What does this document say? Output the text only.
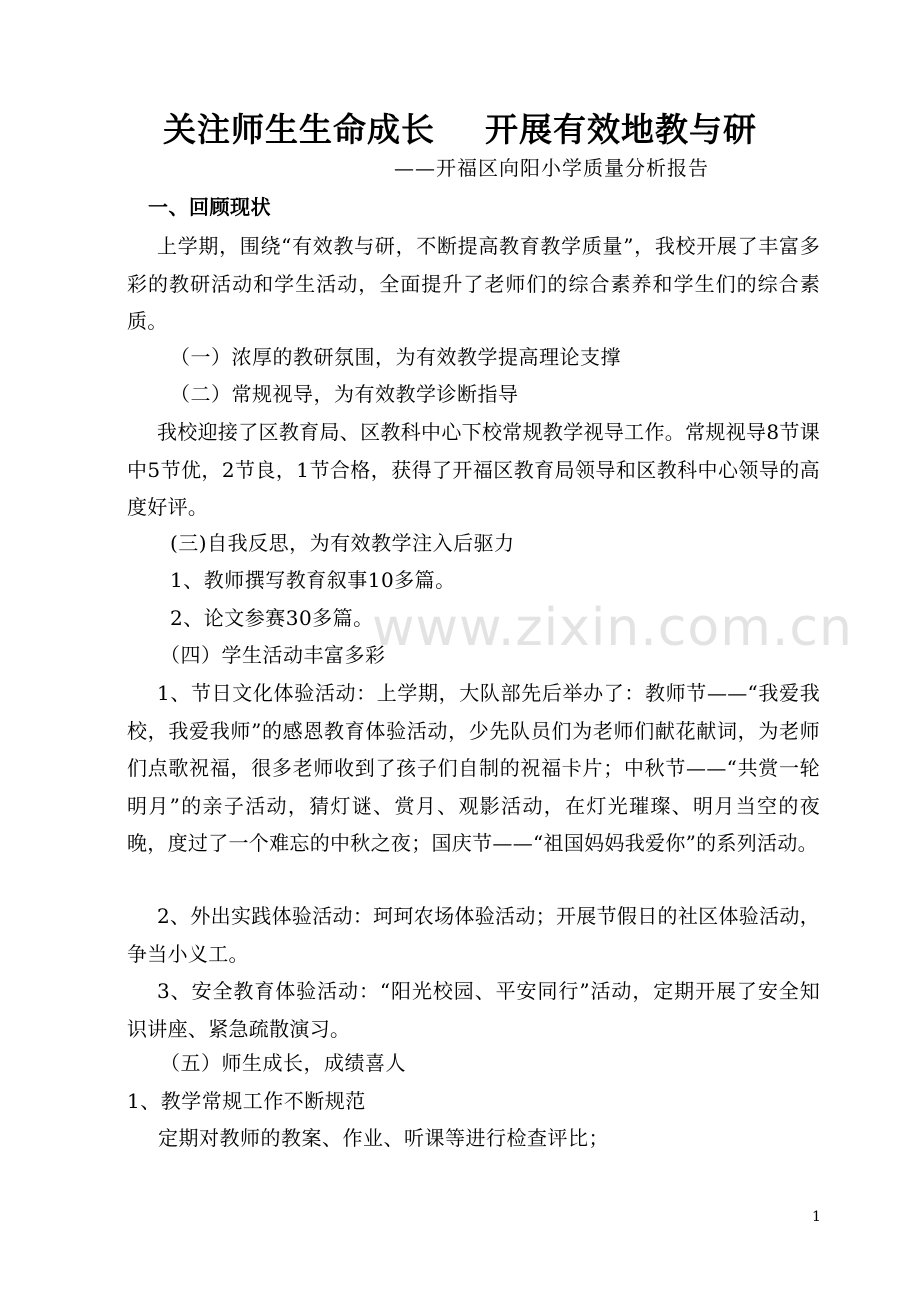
关注师生生命成长    开展有效地教与研
——开福区向阳小学质量分析报告
一、回顾现状
上学期，围绕“有效教与研，不断提高教育教学质量”，我校开展了丰富多彩的教研活动和学生活动，全面提升了老师们的综合素养和学生们的综合素质。
（一）浓厚的教研氛围，为有效教学提高理论支撑
（二）常规视导，为有效教学诊断指导
我校迎接了区教育局、区教科中心下校常规教学视导工作。常规视导8节课中5节优，2节良，1节合格，获得了开福区教育局领导和区教科中心领导的高度好评。
(三)自我反思，为有效教学注入后驱力
1、教师撰写教育叙事10多篇。
2、论文参赛30多篇。
（四）学生活动丰富多彩
1、节日文化体验活动：上学期，大队部先后举办了：教师节——“我爱我校，我爱我师”的感恩教育体验活动，少先队员们为老师们献花献词，为老师们点歌祝福，很多老师收到了孩子们自制的祝福卡片；中秋节——“共赏一轮明月”的亲子活动，猜灯谜、赏月、观影活动，在灯光璀璨、明月当空的夜晚，度过了一个难忘的中秋之夜；国庆节——“祖国妈妈我爱你”的系列活动。
2、外出实践体验活动：珂珂农场体验活动；开展节假日的社区体验活动，争当小义工。
3、安全教育体验活动：“阳光校园、平安同行”活动，定期开展了安全知识讲座、紧急疏散演习。
（五）师生成长，成绩喜人
1、教学常规工作不断规范
定期对教师的教案、作业、听课等进行检查评比；
www.zixin.com.cn
1
